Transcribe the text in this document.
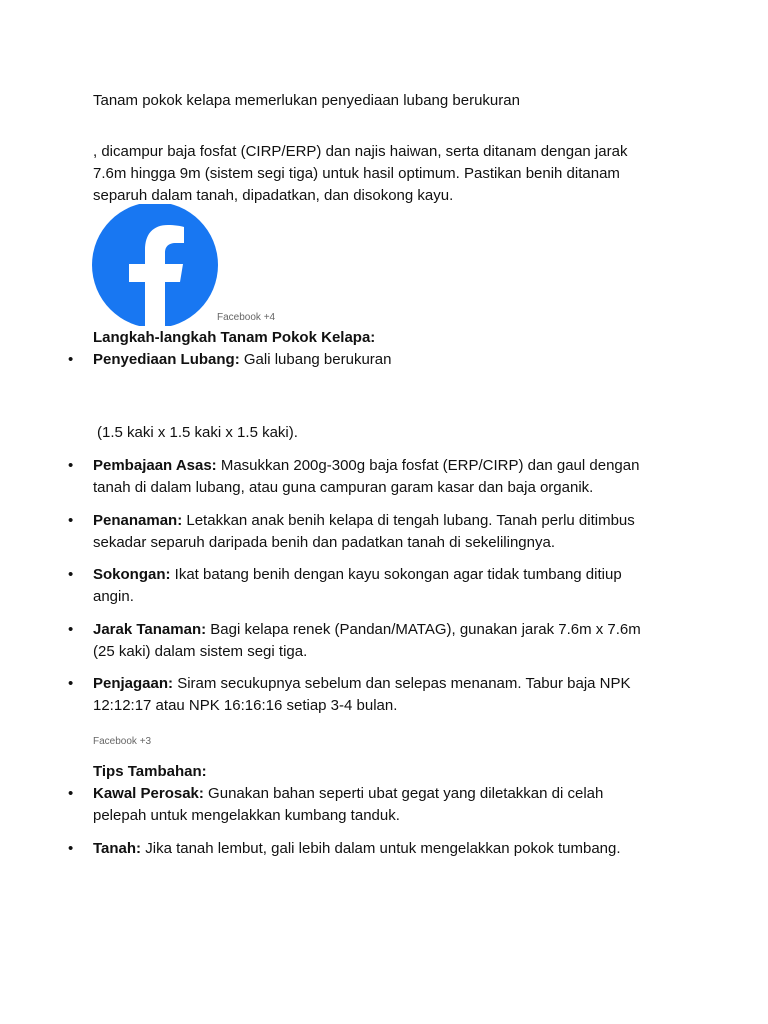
Tanam pokok kelapa memerlukan penyediaan lubang berukuran
, dicampur baja fosfat (CIRP/ERP) dan najis haiwan, serta ditanam dengan jarak
7.6m hingga 9m (sistem segi tiga) untuk hasil optimum. Pastikan benih ditanam
separuh dalam tanah, dipadatkan, dan disokong kayu.
Facebook +4
Langkah-langkah Tanam Pokok Kelapa:
• Penyediaan Lubang: Gali lubang berukuran
(1.5 kaki x 1.5 kaki x 1.5 kaki).
• Pembajaan Asas: Masukkan 200g-300g baja fosfat (ERP/CIRP) dan gaul dengan
tanah di dalam lubang, atau guna campuran garam kasar dan baja organik.
• Penanaman: Letakkan anak benih kelapa di tengah lubang. Tanah perlu ditimbus
sekadar separuh daripada benih dan padatkan tanah di sekelilingnya.
• Sokongan: Ikat batang benih dengan kayu sokongan agar tidak tumbang ditiup
angin.
• Jarak Tanaman: Bagi kelapa renek (Pandan/MATAG), gunakan jarak 7.6m x 7.6m
(25 kaki) dalam sistem segi tiga.
• Penjagaan: Siram secukupnya sebelum dan selepas menanam. Tabur baja NPK
12:12:17 atau NPK 16:16:16 setiap 3-4 bulan.
Facebook +3
Tips Tambahan:
• Kawal Perosak: Gunakan bahan seperti ubat gegat yang diletakkan di celah
pelepah untuk mengelakkan kumbang tanduk.
• Tanah: Jika tanah lembut, gali lebih dalam untuk mengelakkan pokok tumbang.
